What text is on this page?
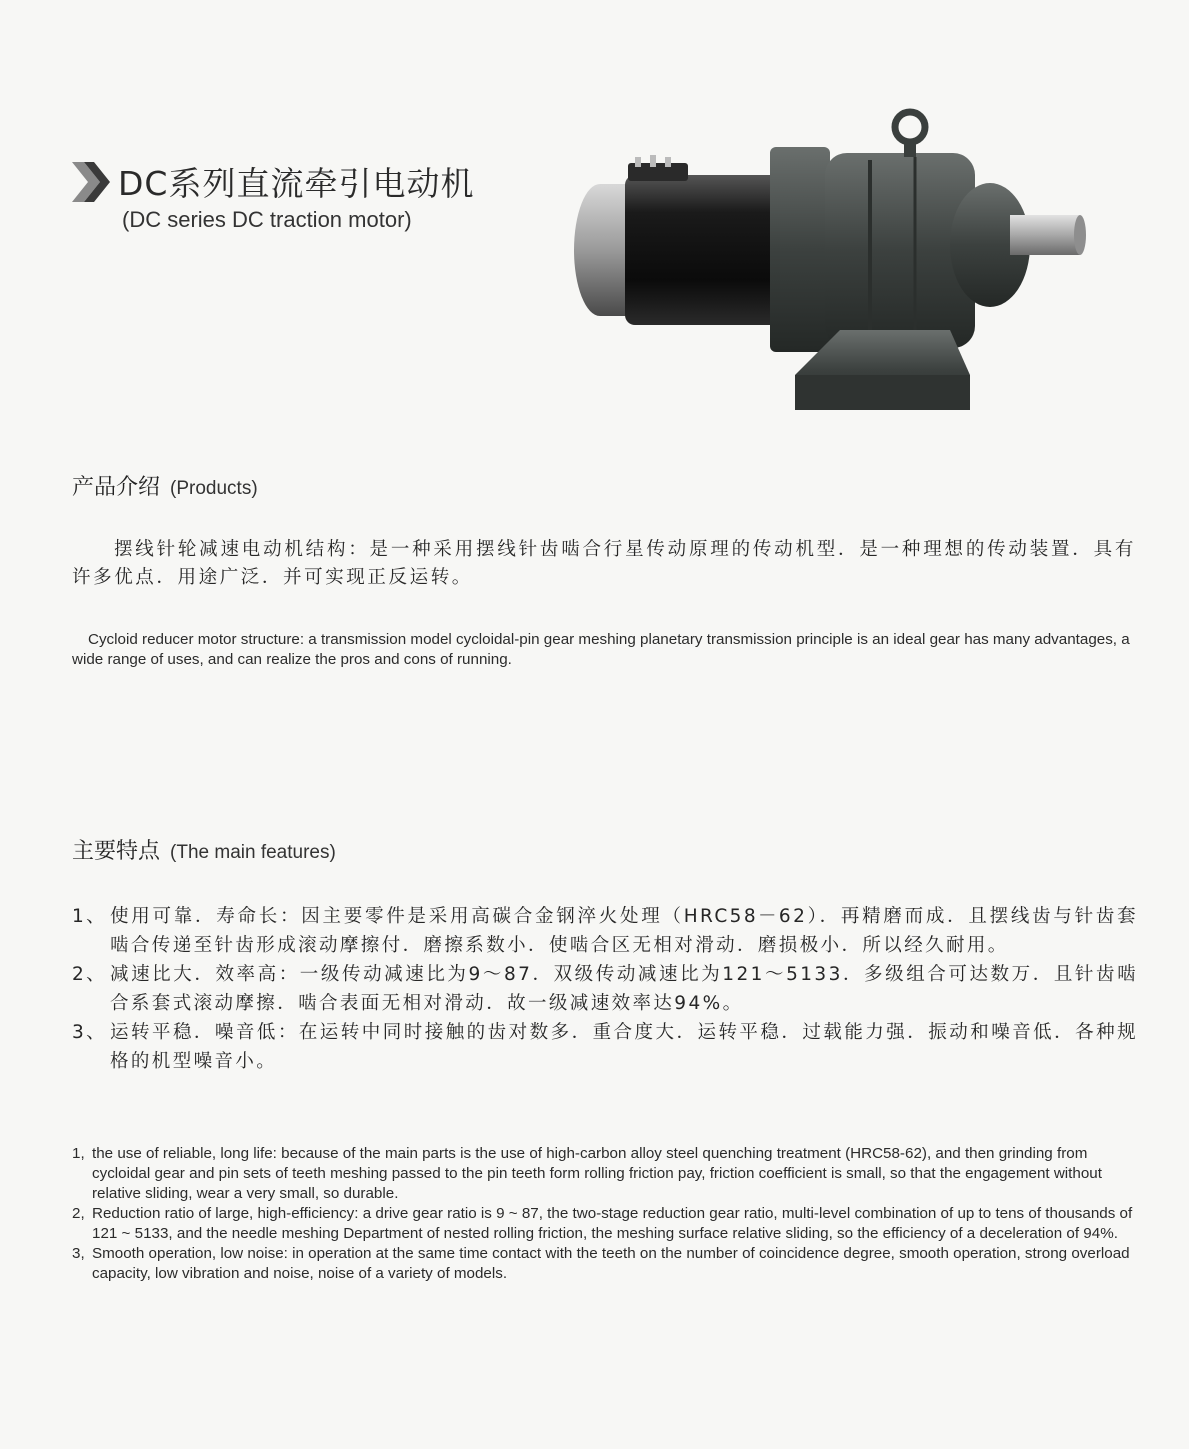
DC系列直流牵引电动机
(DC series DC traction motor)
产品介绍 (Products)

摆线针轮减速电动机结构：是一种采用摆线针齿啮合行星传动原理的传动机型．是一种理想的传动装置．具有许多优点．用途广泛．并可实现正反运转。

Cycloid reducer motor structure: a transmission model cycloidal-pin gear meshing planetary transmission principle is an ideal gear has many advantages, a wide range of uses, and can realize the pros and cons of running.

主要特点 (The main features)
1、 使用可靠．寿命长：因主要零件是采用高碳合金钢淬火处理（HRC58－62）．再精磨而成．且摆线齿与针齿套啮合传递至针齿形成滚动摩擦付．磨擦系数小．使啮合区无相对滑动．磨损极小．所以经久耐用。
2、 减速比大．效率高：一级传动减速比为9～87．双级传动减速比为121～5133．多级组合可达数万．且针齿啮合系套式滚动摩擦．啮合表面无相对滑动．故一级减速效率达94%。
3、 运转平稳．噪音低：在运转中同时接触的齿对数多．重合度大．运转平稳．过载能力强．振动和噪音低．各种规格的机型噪音小。
1, the use of reliable, long life: because of the main parts is the use of high-carbon alloy steel quenching treatment (HRC58-62), and then grinding from cycloidal gear and pin sets of teeth meshing passed to the pin teeth form rolling friction pay, friction coefficient is small, so that the engagement without relative sliding, wear a very small, so durable.
2, Reduction ratio of large, high-efficiency: a drive gear ratio is 9 ~ 87, the two-stage reduction gear ratio, multi-level combination of up to tens of thousands of 121 ~ 5133, and the needle meshing Department of nested rolling friction, the meshing surface relative sliding, so the efficiency of a deceleration of 94%.
3, Smooth operation, low noise: in operation at the same time contact with the teeth on the number of coincidence degree, smooth operation, strong overload capacity, low vibration and noise, noise of a variety of models.
